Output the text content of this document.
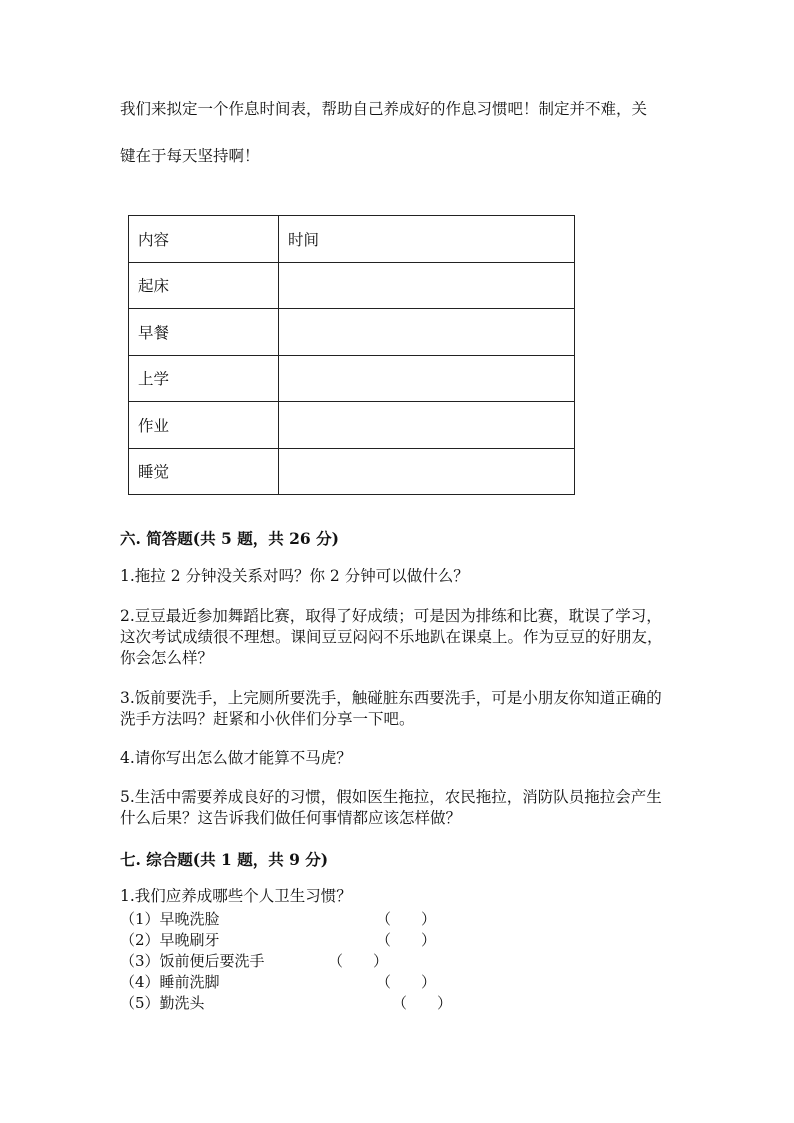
我们来拟定一个作息时间表，帮助自己养成好的作息习惯吧！制定并不难，关
键在于每天坚持啊！
内容	时间
起床	
早餐	
上学	
作业	
睡觉	
六. 简答题(共 5 题，共 26 分)
1.拖拉 2 分钟没关系对吗？你 2 分钟可以做什么？
2.豆豆最近参加舞蹈比赛，取得了好成绩；可是因为排练和比赛，耽误了学习，这次考试成绩很不理想。课间豆豆闷闷不乐地趴在课桌上。作为豆豆的好朋友，你会怎么样？
3.饭前要洗手，上完厕所要洗手，触碰脏东西要洗手，可是小朋友你知道正确的洗手方法吗？赶紧和小伙伴们分享一下吧。
4.请你写出怎么做才能算不马虎？
5.生活中需要养成良好的习惯，假如医生拖拉，农民拖拉，消防队员拖拉会产生什么后果？这告诉我们做任何事情都应该怎样做？
七. 综合题(共 1 题，共 9 分)
1.我们应养成哪些个人卫生习惯？
（1）早晚洗脸	（　　）
（2）早晚刷牙	（　　）
（3）饭前便后要洗手	（　　）
（4）睡前洗脚	（　　）
（5）勤洗头	（　　）
